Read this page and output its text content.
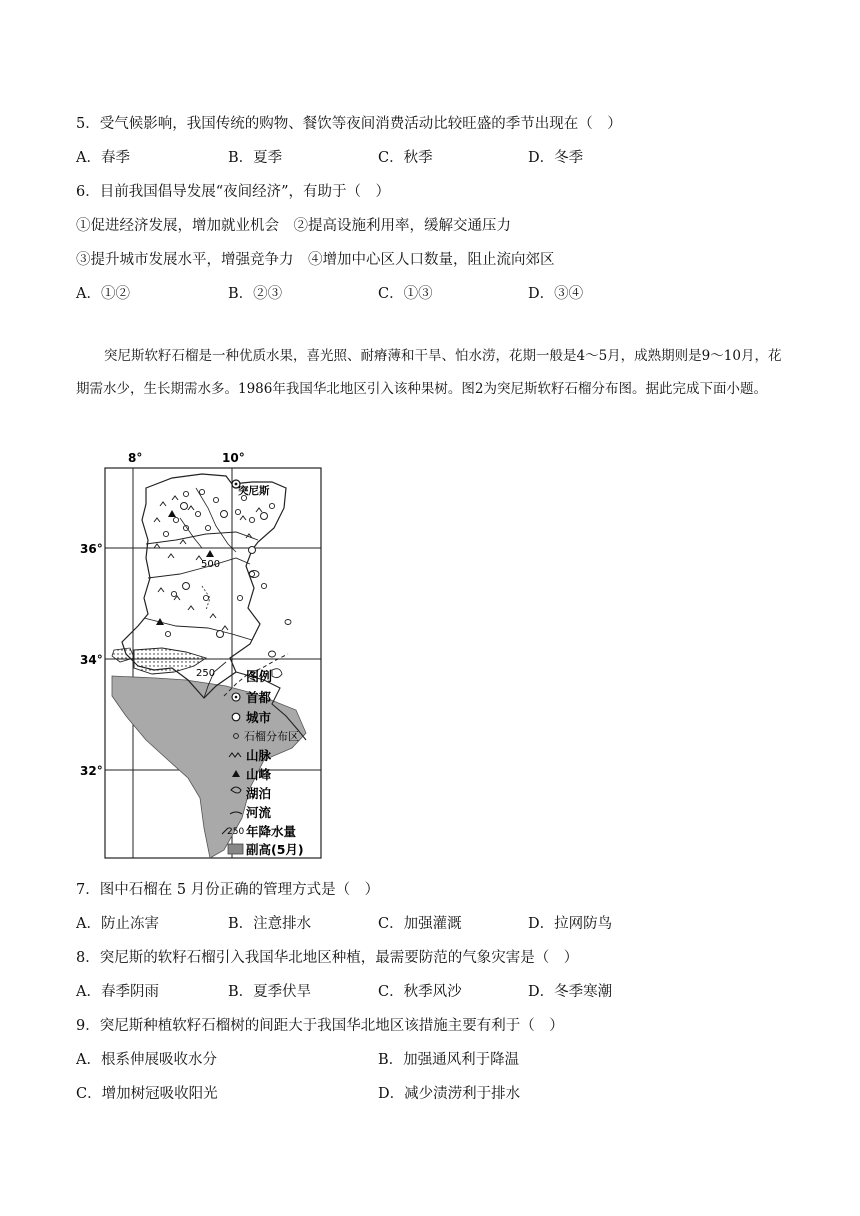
5．受气候影响，我国传统的购物、餐饮等夜间消费活动比较旺盛的季节出现在（　）
A．春季	B．夏季	C．秋季	D．冬季
6．目前我国倡导发展“夜间经济”，有助于（　）
①促进经济发展，增加就业机会　②提高设施利用率，缓解交通压力
③提升城市发展水平，增强竞争力　④增加中心区人口数量，阻止流向郊区
A．①②	B．②③	C．①③	D．③④
突尼斯软籽石榴是一种优质水果，喜光照、耐瘠薄和干旱、怕水涝，花期一般是4～5月，成熟期则是9～10月，花期需水少，生长期需水多。1986年我国华北地区引入该种果树。图2为突尼斯软籽石榴分布图。据此完成下面小题。
500
突尼斯
250
8°	10°
36°
34°
32°
图例
首都
城市
石榴分布区
山脉
山峰
湖泊
河流
250 年降水量
副高(5月)
7．图中石榴在 5 月份正确的管理方式是（　）
A．防止冻害	B．注意排水	C．加强灌溉	D．拉网防鸟
8．突尼斯的软籽石榴引入我国华北地区种植，最需要防范的气象灾害是（　）
A．春季阴雨	B．夏季伏旱	C．秋季风沙	D．冬季寒潮
9．突尼斯种植软籽石榴树的间距大于我国华北地区该措施主要有利于（　）
A．根系伸展吸收水分	B．加强通风利于降温
C．增加树冠吸收阳光	D．减少渍涝利于排水
